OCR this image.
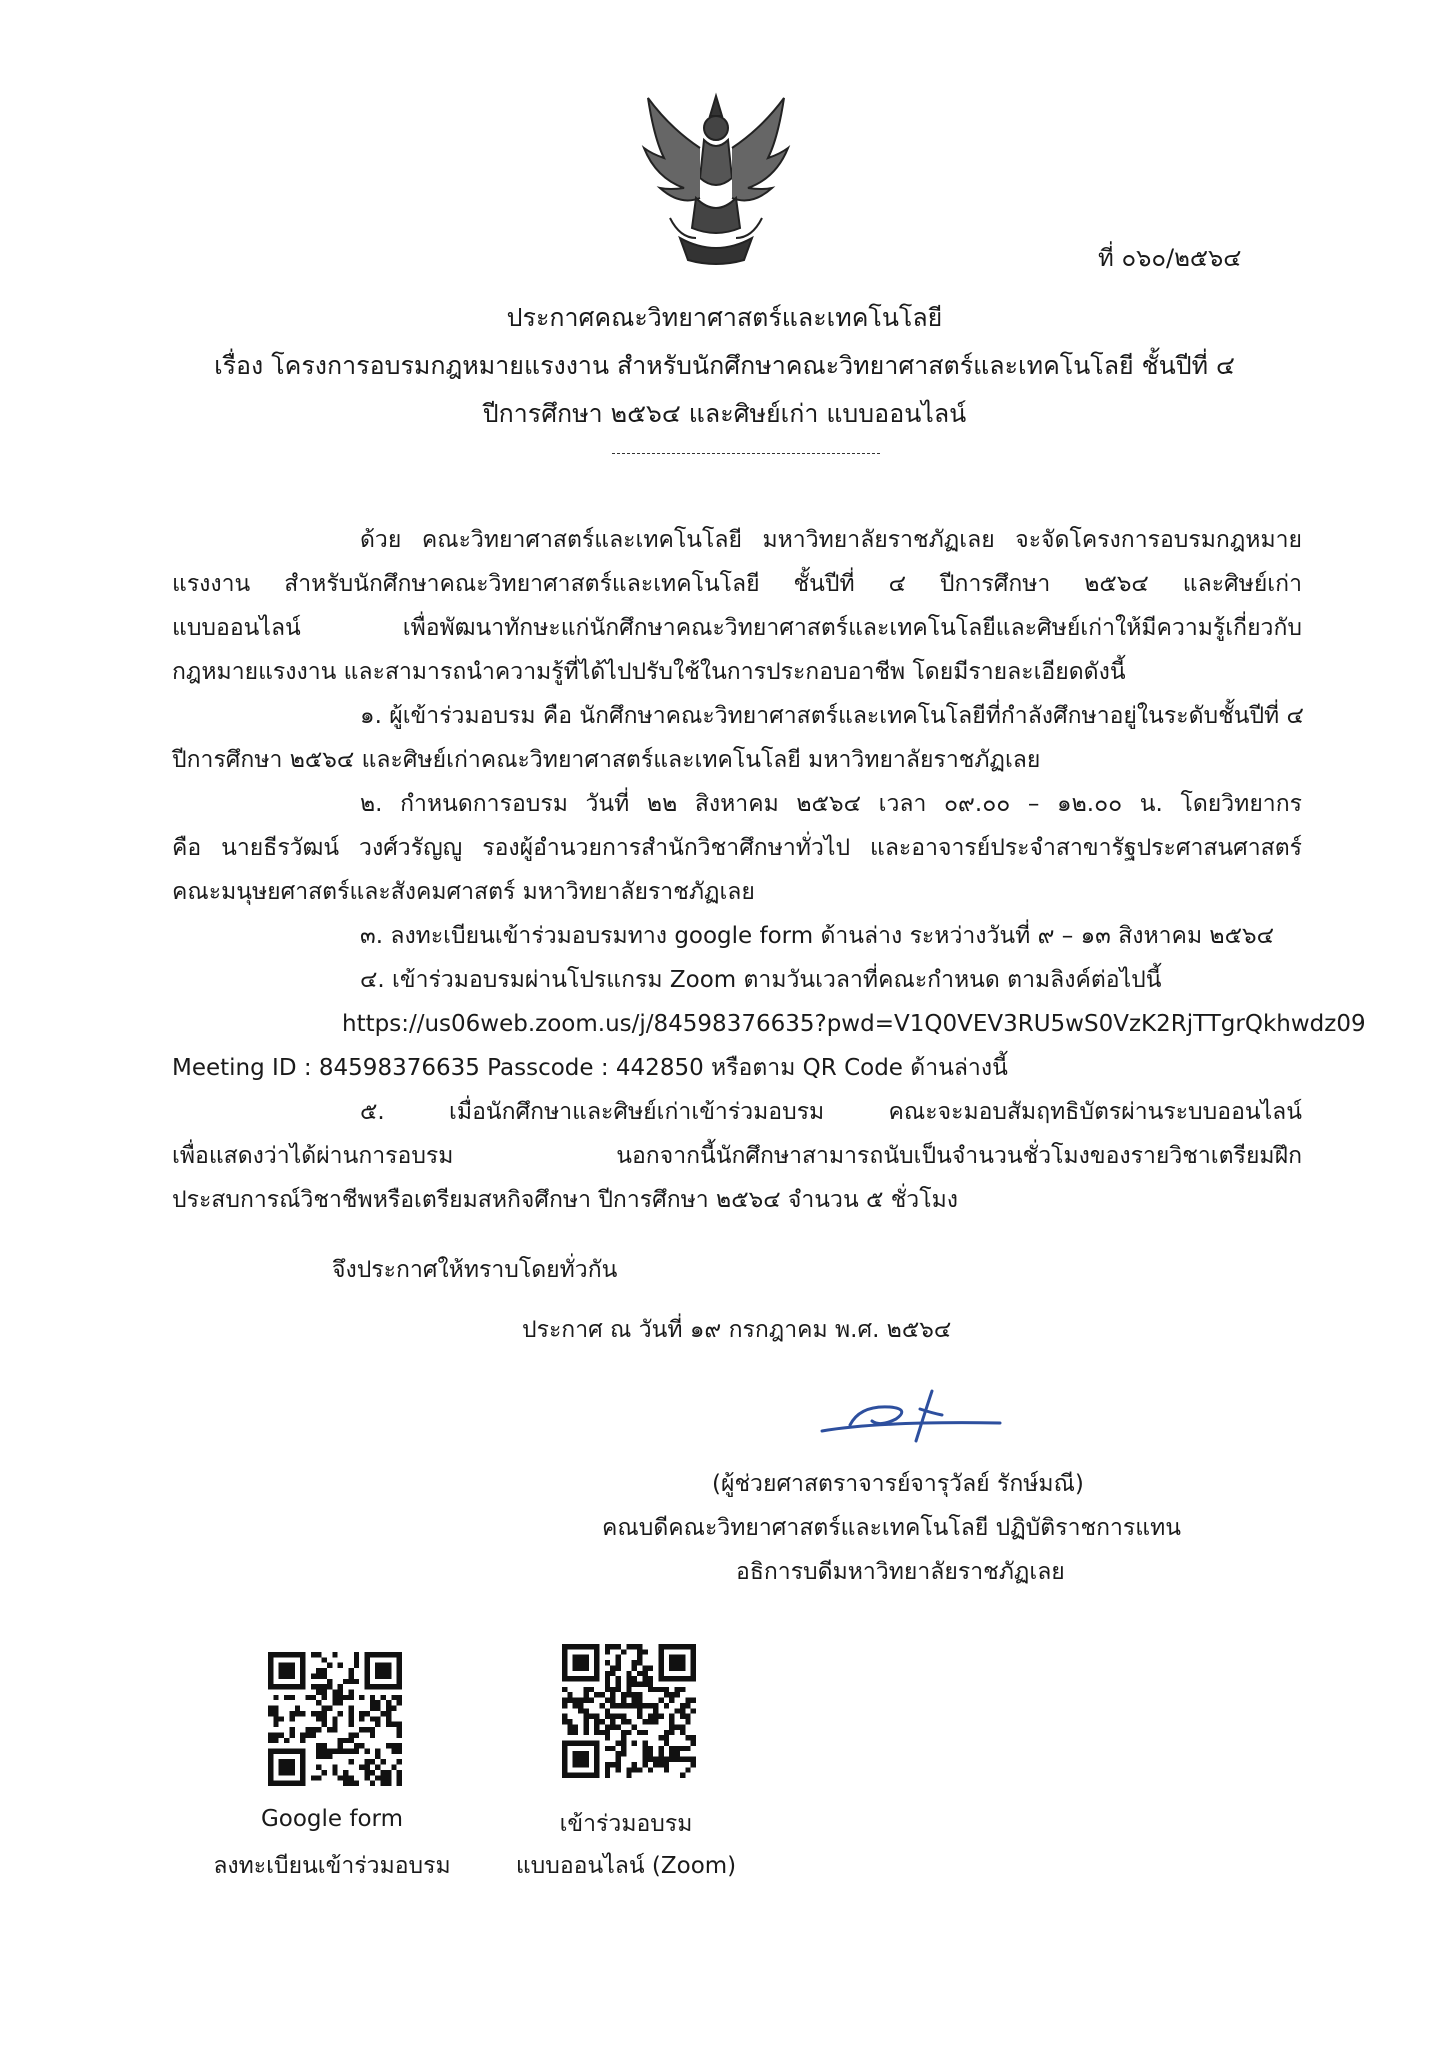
ที่ ๐๖๐/๒๕๖๔
ประกาศคณะวิทยาศาสตร์และเทคโนโลยี
เรื่อง โครงการอบรมกฎหมายแรงงาน สำหรับนักศึกษาคณะวิทยาศาสตร์และเทคโนโลยี ชั้นปีที่ ๔
ปีการศึกษา ๒๕๖๔ และศิษย์เก่า แบบออนไลน์
ด้วย คณะวิทยาศาสตร์และเทคโนโลยี มหาวิทยาลัยราชภัฏเลย จะจัดโครงการอบรมกฎหมาย
แรงงาน สำหรับนักศึกษาคณะวิทยาศาสตร์และเทคโนโลยี ชั้นปีที่ ๔ ปีการศึกษา ๒๕๖๔ และศิษย์เก่า
แบบออนไลน์ เพื่อพัฒนาทักษะแก่นักศึกษาคณะวิทยาศาสตร์และเทคโนโลยีและศิษย์เก่าให้มีความรู้เกี่ยวกับ
กฎหมายแรงงาน และสามารถนำความรู้ที่ได้ไปปรับใช้ในการประกอบอาชีพ โดยมีรายละเอียดดังนี้
๑. ผู้เข้าร่วมอบรม คือ นักศึกษาคณะวิทยาศาสตร์และเทคโนโลยีที่กำลังศึกษาอยู่ในระดับชั้นปีที่ ๔
ปีการศึกษา ๒๕๖๔ และศิษย์เก่าคณะวิทยาศาสตร์และเทคโนโลยี มหาวิทยาลัยราชภัฏเลย
๒. กำหนดการอบรม วันที่ ๒๒ สิงหาคม ๒๕๖๔ เวลา ๐๙.๐๐ – ๑๒.๐๐ น. โดยวิทยากร
คือ นายธีรวัฒน์ วงศ์วรัญญู รองผู้อำนวยการสำนักวิชาศึกษาทั่วไป และอาจารย์ประจำสาขารัฐประศาสนศาสตร์
คณะมนุษยศาสตร์และสังคมศาสตร์ มหาวิทยาลัยราชภัฏเลย
๓. ลงทะเบียนเข้าร่วมอบรมทาง google form ด้านล่าง ระหว่างวันที่ ๙ – ๑๓ สิงหาคม ๒๕๖๔
๔. เข้าร่วมอบรมผ่านโปรแกรม Zoom ตามวันเวลาที่คณะกำหนด ตามลิงค์ต่อไปนี้
https://us06web.zoom.us/j/84598376635?pwd=V1Q0VEV3RU5wS0VzK2RjTTgrQkhwdz09
Meeting ID : 84598376635 Passcode : 442850 หรือตาม QR Code ด้านล่างนี้
๕. เมื่อนักศึกษาและศิษย์เก่าเข้าร่วมอบรม คณะจะมอบสัมฤทธิบัตรผ่านระบบออนไลน์
เพื่อแสดงว่าได้ผ่านการอบรม นอกจากนี้นักศึกษาสามารถนับเป็นจำนวนชั่วโมงของรายวิชาเตรียมฝึก
ประสบการณ์วิชาชีพหรือเตรียมสหกิจศึกษา ปีการศึกษา ๒๕๖๔ จำนวน ๕ ชั่วโมง
จึงประกาศให้ทราบโดยทั่วกัน
ประกาศ ณ วันที่ ๑๙ กรกฎาคม พ.ศ. ๒๕๖๔
(ผู้ช่วยศาสตราจารย์จารุวัลย์ รักษ์มณี)
คณบดีคณะวิทยาศาสตร์และเทคโนโลยี ปฏิบัติราชการแทน
อธิการบดีมหาวิทยาลัยราชภัฏเลย
Google form
ลงทะเบียนเข้าร่วมอบรม
เข้าร่วมอบรม
แบบออนไลน์ (Zoom)
